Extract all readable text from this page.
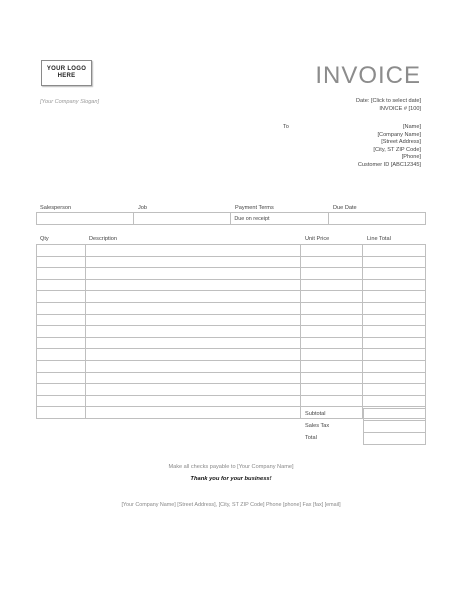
YOUR LOGO
HERE	INVOICE
[Your Company Slogan]	Date: [Click to select date]
INVOICE # [100]
To	[Name]
[Company Name]
[Street Address]
[City, ST ZIP Code]
[Phone]
Customer ID [ABC12345]
Salesperson	Job	Payment Terms	Due Date
		Due on receipt	
Qty	Description	Unit Price	Line Total

Subtotal
Sales Tax
Total

Make all checks payable to [Your Company Name]
Thank you for your business!
[Your Company Name] [Street Address], [City, ST ZIP Code] Phone [phone] Fax [fax] [email]
